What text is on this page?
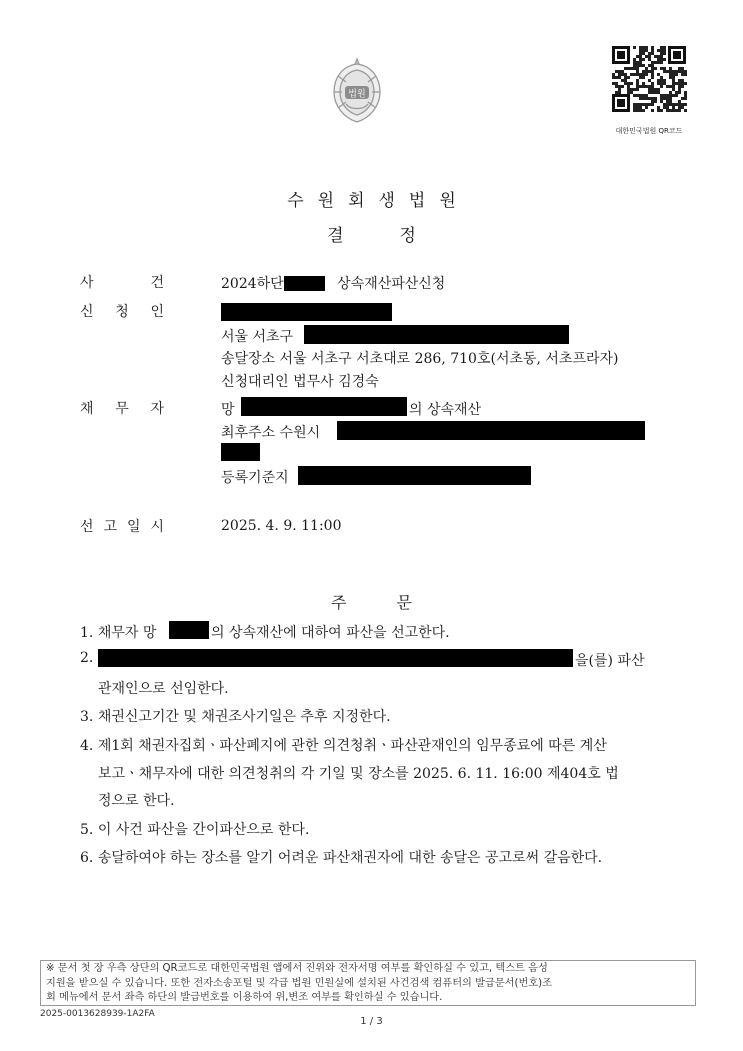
법원
대한민국법원 QR코드
수원회생법원
결정
사	건	2024하단	상속재산파산신청
신 청 인
서울 서초구
송달장소 서울 서초구 서초대로 286, 710호(서초동, 서초프라자)
신청대리인 법무사 김경숙
채 무 자	망	의 상속재산
최후주소 수원시
등록기준지
선 고 일 시	2025. 4. 9. 11:00
주문
1. 채무자 망	의 상속재산에 대하여 파산을 선고한다.
2.	을(를) 파산
관재인으로 선임한다.
3. 채권신고기간 및 채권조사기일은 추후 지정한다.
4. 제1회 채권자집회ㆍ파산폐지에 관한 의견청취ㆍ파산관재인의 임무종료에 따른 계산
보고ㆍ채무자에 대한 의견청취의 각 기일 및 장소를 2025. 6. 11. 16:00 제404호 법
정으로 한다.
5. 이 사건 파산을 간이파산으로 한다.
6. 송달하여야 하는 장소를 알기 어려운 파산채권자에 대한 송달은 공고로써 갈음한다.
※ 문서 첫 장 우측 상단의 QR코드로 대한민국법원 앱에서 진위와 전자서명 여부를 확인하실 수 있고, 텍스트 음성
지원을 받으실 수 있습니다. 또한 전자소송포털 및 각급 법원 민원실에 설치된 사건검색 컴퓨터의 발급문서(번호)조
회 메뉴에서 문서 좌측 하단의 발급번호를 이용하여 위,변조 여부를 확인하실 수 있습니다.
2025-0013628939-1A2FA
1 / 3
